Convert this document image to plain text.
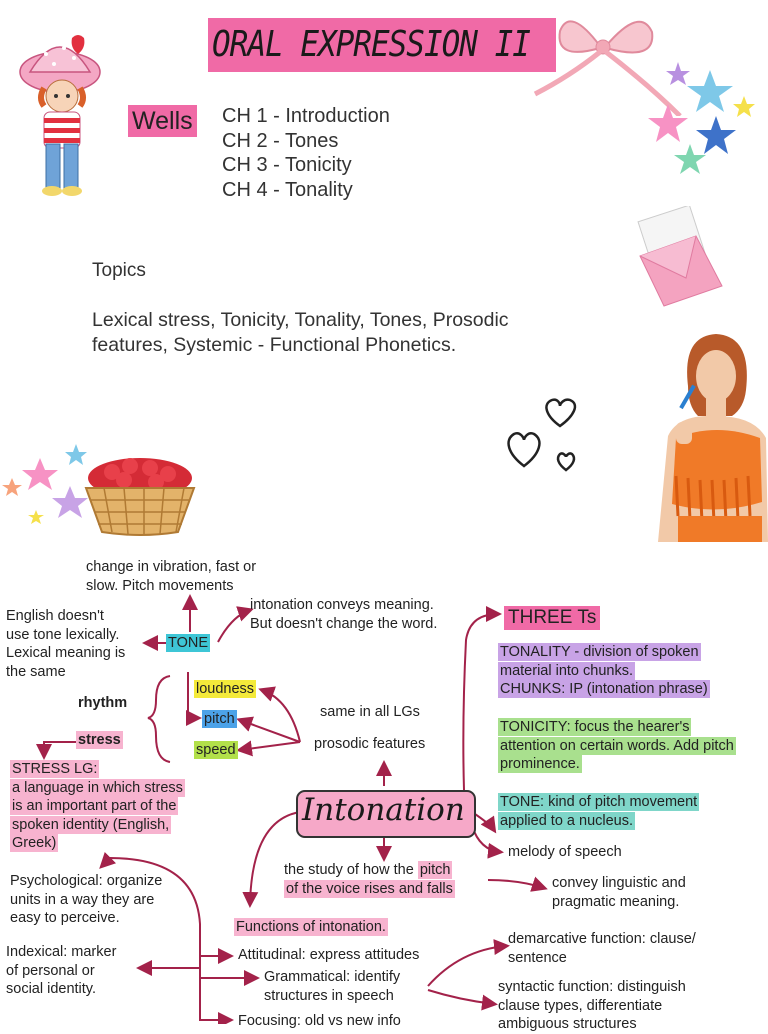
ORAL EXPRESSION II
Wells CH 1 - Introduction
CH 2 - Tones
CH 3 - Tonicity
CH 4 - Tonality
Topics
Lexical stress, Tonicity, Tonality, Tones, Prosodic
features, Systemic - Functional Phonetics.
change in vibration, fast or
slow. Pitch movements
intonation conveys meaning.
But doesn't change the word.
English doesn't
use tone lexically.
Lexical meaning is
the same
TONE
rhythm
stress
loudness
pitch
speed
same in all LGs
prosodic features
STRESS LG:
a language in which stress
is an important part of the
spoken identity (English,
Greek)
THREE Ts
TONALITY - division of spoken
material into chunks.
CHUNKS: IP (intonation phrase)
TONICITY: focus the hearer's
attention on certain words. Add pitch
prominence.
TONE: kind of pitch movement
applied to a nucleus.
Intonation
melody of speech
the study of how the pitch
of the voice rises and falls	convey linguistic and
pragmatic meaning.
Psychological: organize
units in a way they are
easy to perceive.
Functions of intonation.
Attitudinal: express attitudes
Grammatical: identify
structures in speech
Indexical: marker
of personal or
social identity.
demarcative function: clause/
sentence
syntactic function: distinguish
clause types, differentiate
ambiguous structures
Focusing: old vs new info
